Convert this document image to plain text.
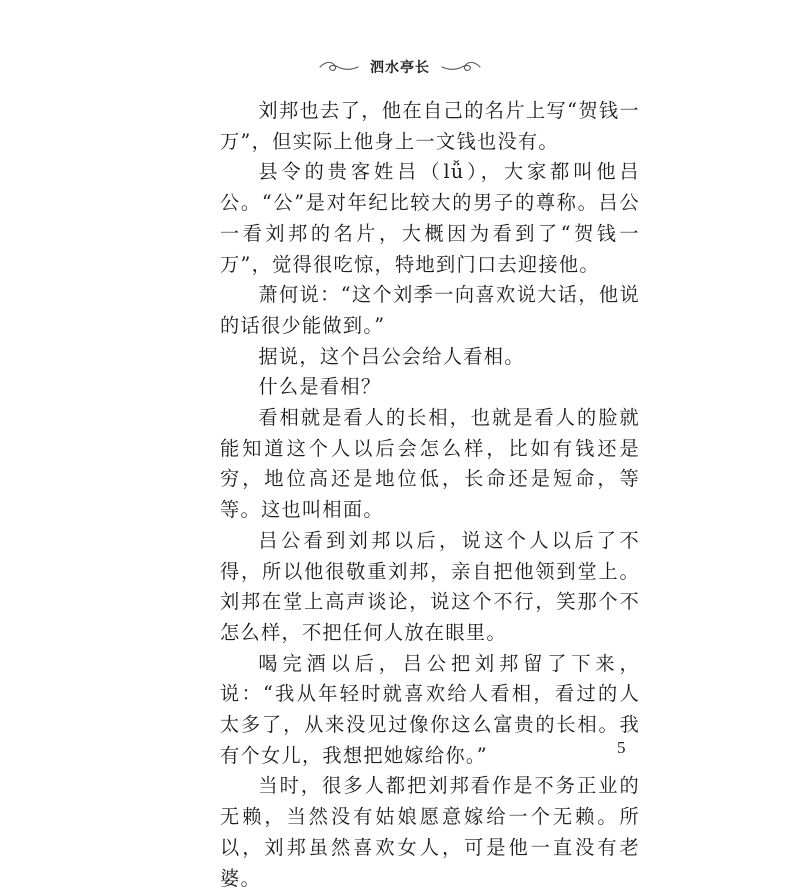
泗水亭长

刘邦也去了，他在自己的名片上写“贺钱一万”，但实际上他身上一文钱也没有。

县令的贵客姓吕（lǚ），大家都叫他吕公。“公”是对年纪比较大的男子的尊称。吕公一看刘邦的名片，大概因为看到了“贺钱一万”，觉得很吃惊，特地到门口去迎接他。

萧何说：“这个刘季一向喜欢说大话，他说的话很少能做到。”

据说，这个吕公会给人看相。

什么是看相？

看相就是看人的长相，也就是看人的脸就能知道这个人以后会怎么样，比如有钱还是穷，地位高还是地位低，长命还是短命，等等。这也叫相面。

吕公看到刘邦以后，说这个人以后了不得，所以他很敬重刘邦，亲自把他领到堂上。刘邦在堂上高声谈论，说这个不行，笑那个不怎么样，不把任何人放在眼里。

喝完酒以后，吕公把刘邦留了下来，说：“我从年轻时就喜欢给人看相，看过的人太多了，从来没见过像你这么富贵的长相。我有个女儿，我想把她嫁给你。”

当时，很多人都把刘邦看作是不务正业的无赖，当然没有姑娘愿意嫁给一个无赖。所以，刘邦虽然喜欢女人，可是他一直没有老婆。

5
